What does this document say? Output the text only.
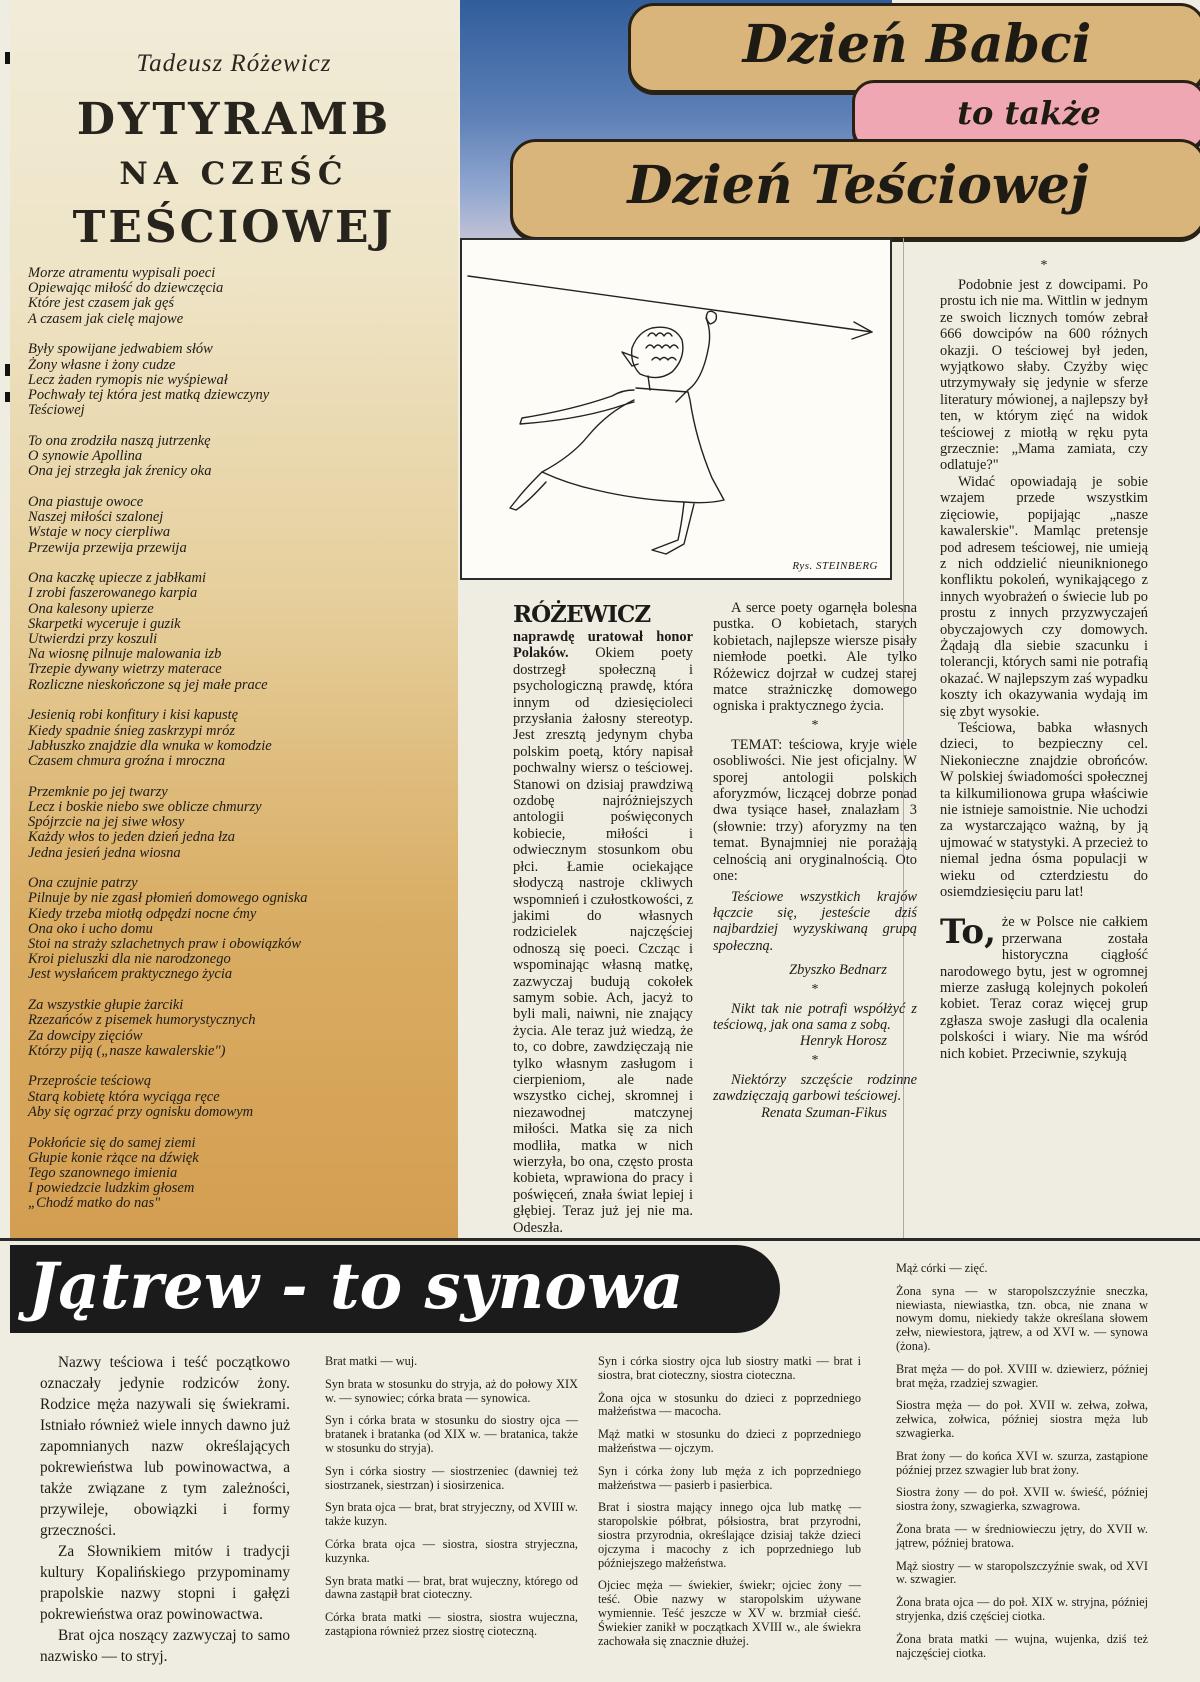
Tadeusz Różewicz
DYTYRAMB
NA CZEŚĆ
TEŚCIOWEJ
Morze atramentu wypisali poeci
Opiewając miłość do dziewczęcia
Które jest czasem jak gęś
A czasem jak cielę majowe
Były spowijane jedwabiem słów
Żony własne i żony cudze
Lecz żaden rymopis nie wyśpiewał
Pochwały tej która jest matką dziewczyny
Teściowej
To ona zrodziła naszą jutrzenkę
O synowie Apollina
Ona jej strzegła jak źrenicy oka
Ona piastuje owoce
Naszej miłości szalonej
Wstaje w nocy cierpliwa
Przewija przewija przewija
Ona kaczkę upiecze z jabłkami
I zrobi faszerowanego karpia
Ona kalesony upierze
Skarpetki wyceruje i guzik
Utwierdzi przy koszuli
Na wiosnę pilnuje malowania izb
Trzepie dywany wietrzy materace
Rozliczne nieskończone są jej małe prace
Jesienią robi konfitury i kisi kapustę
Kiedy spadnie śnieg zaskrzypi mróz
Jabłuszko znajdzie dla wnuka w komodzie
Czasem chmura groźna i mroczna
Przemknie po jej twarzy
Lecz i boskie niebo swe oblicze chmurzy
Spójrzcie na jej siwe włosy
Każdy włos to jeden dzień jedna łza
Jedna jesień jedna wiosna
Ona czujnie patrzy
Pilnuje by nie zgasł płomień domowego ogniska
Kiedy trzeba miotłą odpędzi nocne ćmy
Ona oko i ucho domu
Stoi na straży szlachetnych praw i obowiązków
Kroi pieluszki dla nie narodzonego
Jest wysłańcem praktycznego życia
Za wszystkie głupie żarciki
Rzezańców z pisemek humorystycznych
Za dowcipy zięciów
Którzy piją („nasze kawalerskie")
Przeproście teściową
Starą kobietę która wyciąga ręce
Aby się ogrzać przy ognisku domowym
Pokłońcie się do samej ziemi
Głupie konie rżące na dźwięk
Tego szanownego imienia
I powiedzcie ludzkim głosem
„Chodź matko do nas"
Dzień Babci
to także
Dzień Teściowej
Rys. STEINBERG

RÓŻEWICZ
naprawdę uratował honor Polaków. Okiem poety dostrzegł społeczną i psychologiczną prawdę, która innym od dziesięcioleci przysłania żałosny stereotyp. Jest zresztą jedynym chyba polskim poetą, który napisał pochwalny wiersz o teściowej. Stanowi on dzisiaj prawdziwą ozdobę najróżniejszych antologii poświęconych kobiecie, miłości i odwiecznym stosunkom obu płci. Łamie ociekające słodyczą nastroje ckliwych wspomnień i czułostkowości, z jakimi do własnych rodzicielek najczęściej odnoszą się poeci. Czcząc i wspominając własną matkę, zazwyczaj budują cokołek samym sobie. Ach, jacyż to byli mali, naiwni, nie znający życia. Ale teraz już wiedzą, że to, co dobre, zawdzięczają nie tylko własnym zasługom i cierpieniom, ale nade wszystko cichej, skromnej i niezawodnej matczynej miłości. Matka się za nich modliła, matka w nich wierzyła, bo ona, często prosta kobieta, wprawiona do pracy i poświęceń, znała świat lepiej i głębiej. Teraz już jej nie ma. Odeszła.

A serce poety ogarnęła bolesna pustka. O kobietach, starych kobietach, najlepsze wiersze pisały niemłode poetki. Ale tylko Różewicz dojrzał w cudzej starej matce strażniczkę domowego ogniska i praktycznego życia.

*

TEMAT: teściowa, kryje wiele osobliwości. Nie jest oficjalny. W sporej antologii polskich aforyzmów, liczącej dobrze ponad dwa tysiące haseł, znalazłam 3 (słownie: trzy) aforyzmy na ten temat. Bynajmniej nie porażają celnością ani oryginalnością. Oto one:

Teściowe wszystkich krajów łączcie się, jesteście dziś najbardziej wyzyskiwaną grupą społeczną.

Zbyszko Bednarz

*

Nikt tak nie potrafi współżyć z teściową, jak ona sama z sobą.

Henryk Horosz

*

Niektórzy szczęście rodzinne zawdzięczają garbowi teściowej.

Renata Szuman-Fikus

*

Podobnie jest z dowcipami. Po prostu ich nie ma. Wittlin w jednym ze swoich licznych tomów zebrał 666 dowcipów na 600 różnych okazji. O teściowej był jeden, wyjątkowo słaby. Czyżby więc utrzymywały się jedynie w sferze literatury mówionej, a najlepszy był ten, w którym zięć na widok teściowej z miotłą w ręku pyta grzecznie: „Mama zamiata, czy odlatuje?"

Widać opowiadają je sobie wzajem przede wszystkim zięciowie, popijając „nasze kawalerskie". Mamląc pretensje pod adresem teściowej, nie umieją z nich oddzielić nieuniknionego konfliktu pokoleń, wynikającego z innych wyobrażeń o świecie lub po prostu z innych przyzwyczajeń obyczajowych czy domowych. Żądają dla siebie szacunku i tolerancji, których sami nie potrafią okazać. W najlepszym zaś wypadku koszty ich okazywania wydają im się zbyt wysokie.

Teściowa, babka własnych dzieci, to bezpieczny cel. Niekonieczne znajdzie obrońców. W polskiej świadomości społecznej ta kilkumilionowa grupa właściwie nie istnieje samoistnie. Nie uchodzi za wystarczająco ważną, by ją ujmować w statystyki. A przecież to niemal jedna ósma populacji w wieku od czterdziestu do osiemdziesięciu paru lat!

To, że w Polsce nie całkiem przerwana została historyczna ciągłość narodowego bytu, jest w ogromnej mierze zasługą kolejnych pokoleń kobiet. Teraz coraz więcej grup zgłasza swoje zasługi dla ocalenia polskości i wiary. Nie ma wśród nich kobiet. Przeciwnie, szykują

Jątrew - to synowa

Nazwy teściowa i teść początkowo oznaczały jedynie rodziców żony. Rodzice męża nazywali się świekrami. Istniało również wiele innych dawno już zapomnianych nazw określających pokrewieństwa lub powinowactwa, a także związane z tym zależności, przywileje, obowiązki i formy grzeczności.

Za Słownikiem mitów i tradycji kultury Kopalińskiego przypominamy prapolskie nazwy stopni i gałęzi pokrewieństwa oraz powinowactwa.

Brat ojca noszący zazwyczaj to samo nazwisko — to stryj.

Brat matki — wuj.

Syn brata w stosunku do stryja, aż do połowy XIX w. — synowiec; córka brata — synowica.

Syn i córka brata w stosunku do siostry ojca — bratanek i bratanka (od XIX w. — bratanica, także w stosunku do stryja).

Syn i córka siostry — siostrzeniec (dawniej też siostrzanek, siestrzan) i siosirzenica.

Syn brata ojca — brat, brat stryjeczny, od XVIII w. także kuzyn.

Córka brata ojca — siostra, siostra stryjeczna, kuzynka.

Syn brata matki — brat, brat wujeczny, którego od dawna zastąpił brat cioteczny.

Córka brata matki — siostra, siostra wujeczna, zastąpiona również przez siostrę cioteczną.

Syn i córka siostry ojca lub siostry matki — brat i siostra, brat cioteczny, siostra cioteczna.

Żona ojca w stosunku do dzieci z poprzedniego małżeństwa — macocha.

Mąż matki w stosunku do dzieci z poprzedniego małżeństwa — ojczym.

Syn i córka żony lub męża z ich poprzedniego małżeństwa — pasierb i pasierbica.

Brat i siostra mający innego ojca lub matkę — staropolskie półbrat, półsiostra, brat przyrodni, siostra przyrodnia, określające dzisiaj także dzieci ojczyma i macochy z ich poprzedniego lub późniejszego małżeństwa.

Ojciec męża — świekier, świekr; ojciec żony — teść. Obie nazwy w staropolskim używane wymiennie. Teść jeszcze w XV w. brzmiał cieść. Świekier zanikł w początkach XVIII w., ale świekra zachowała się znacznie dłużej.

Mąż córki — zięć.

Żona syna — w staropolszczyźnie sneczka, niewiasta, niewiastka, tzn. obca, nie znana w nowym domu, niekiedy także określana słowem zełw, niewiestora, jątrew, a od XVI w. — synowa (żona).

Brat męża — do poł. XVIII w. dziewierz, później brat męża, rzadziej szwagier.

Siostra męża — do poł. XVII w. zełwa, zołwa, zełwica, zołwica, później siostra męża lub szwagierka.

Brat żony — do końca XVI w. szurza, zastąpione później przez szwagier lub brat żony.

Siostra żony — do poł. XVII w. świeść, później siostra żony, szwagierka, szwagrowa.

Żona brata — w średniowieczu jętry, do XVII w. jątrew, później bratowa.

Mąż siostry — w staropolszczyźnie swak, od XVI w. szwagier.

Żona brata ojca — do poł. XIX w. stryjna, później stryjenka, dziś częściej ciotka.

Żona brata matki — wujna, wujenka, dziś też najczęściej ciotka.
